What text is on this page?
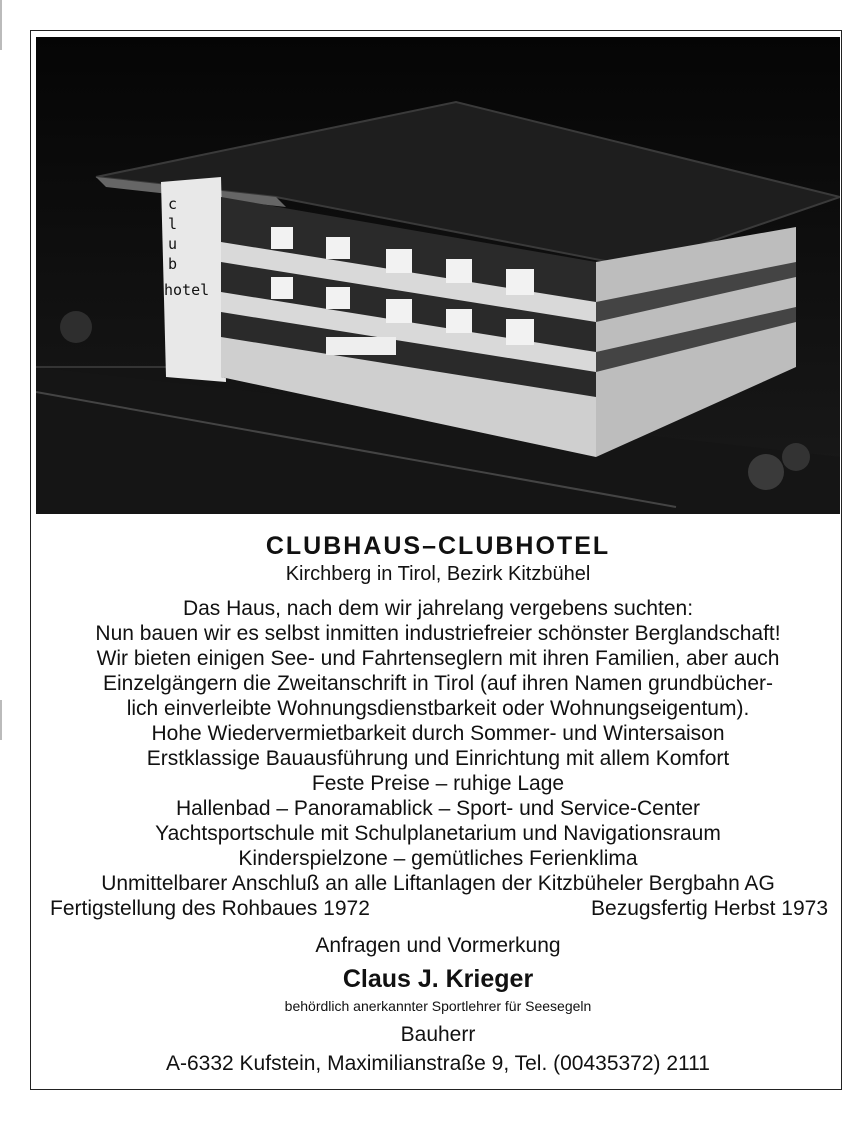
c
l
u
b
hotel
CLUBHAUS–CLUBHOTEL
Kirchberg in Tirol, Bezirk Kitzbühel
Das Haus, nach dem wir jahrelang vergebens suchten:
Nun bauen wir es selbst inmitten industriefreier schönster Berglandschaft!
Wir bieten einigen See- und Fahrtenseglern mit ihren Familien, aber auch
Einzelgängern die Zweitanschrift in Tirol (auf ihren Namen grundbücher-
lich einverleibte Wohnungsdienstbarkeit oder Wohnungseigentum).
Hohe Wiedervermietbarkeit durch Sommer- und Wintersaison
Erstklassige Bauausführung und Einrichtung mit allem Komfort
Feste Preise – ruhige Lage
Hallenbad – Panoramablick – Sport- und Service-Center
Yachtsportschule mit Schulplanetarium und Navigationsraum
Kinderspielzone – gemütliches Ferienklima
Unmittelbarer Anschluß an alle Liftanlagen der Kitzbüheler Bergbahn AG
Fertigstellung des Rohbaues 1972	Bezugsfertig Herbst 1973
Anfragen und Vormerkung
Claus J. Krieger
behördlich anerkannter Sportlehrer für Seesegeln
Bauherr
A-6332 Kufstein, Maximilianstraße 9, Tel. (00435372) 2111
